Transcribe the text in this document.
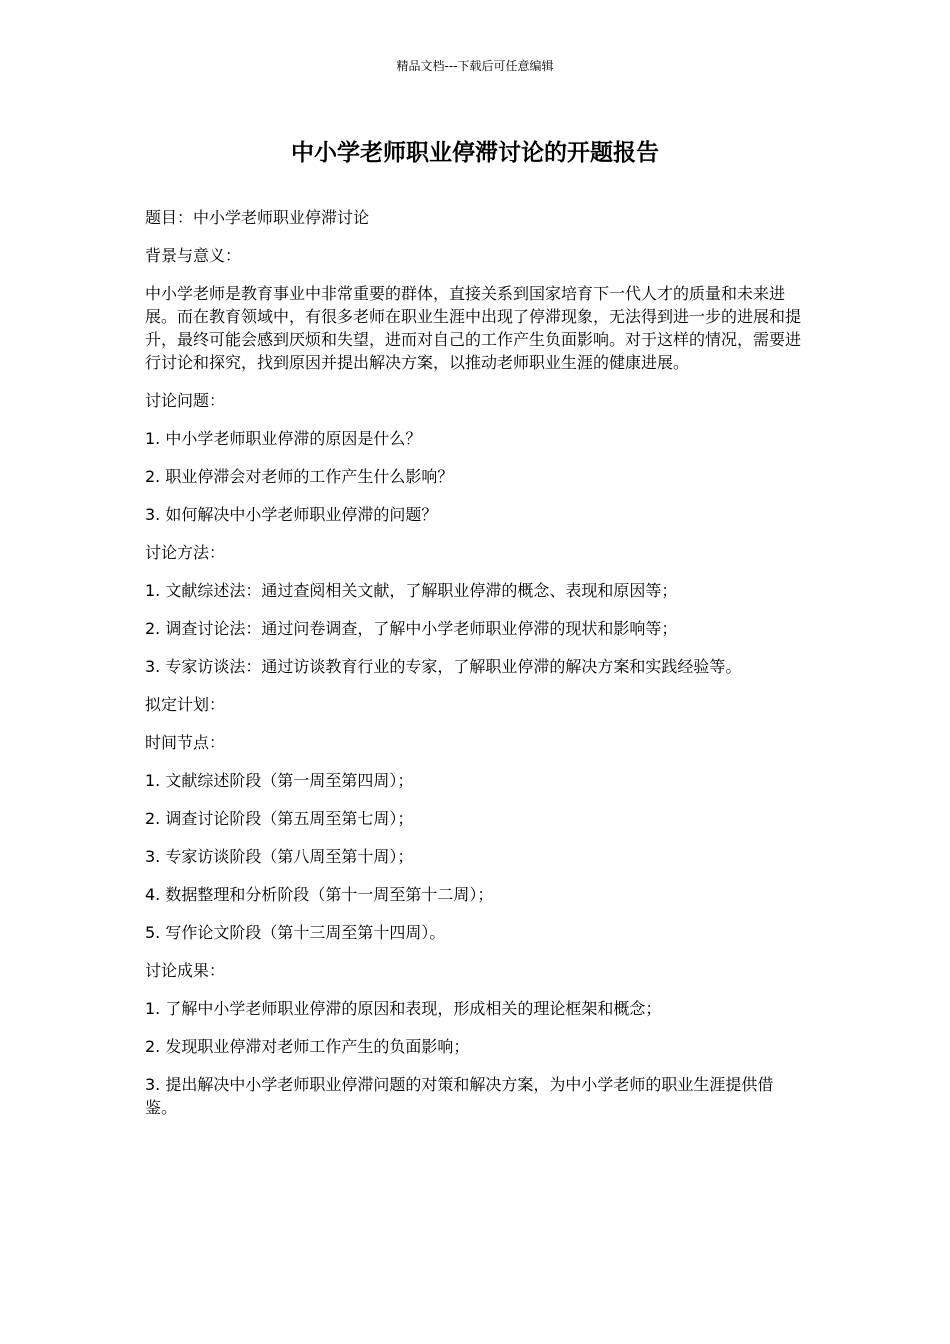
精品文档---下载后可任意编辑
中小学老师职业停滞讨论的开题报告

题目：中小学老师职业停滞讨论

背景与意义：

中小学老师是教育事业中非常重要的群体，直接关系到国家培育下一代人才的质量和未来进展。而在教育领域中，有很多老师在职业生涯中出现了停滞现象，无法得到进一步的进展和提升，最终可能会感到厌烦和失望，进而对自己的工作产生负面影响。对于这样的情况，需要进行讨论和探究，找到原因并提出解决方案，以推动老师职业生涯的健康进展。

讨论问题：

1. 中小学老师职业停滞的原因是什么？

2. 职业停滞会对老师的工作产生什么影响？

3. 如何解决中小学老师职业停滞的问题？

讨论方法：

1. 文献综述法：通过查阅相关文献，了解职业停滞的概念、表现和原因等；

2. 调查讨论法：通过问卷调查，了解中小学老师职业停滞的现状和影响等；

3. 专家访谈法：通过访谈教育行业的专家，了解职业停滞的解决方案和实践经验等。

拟定计划：

时间节点：

1. 文献综述阶段（第一周至第四周）；

2. 调查讨论阶段（第五周至第七周）；

3. 专家访谈阶段（第八周至第十周）；

4. 数据整理和分析阶段（第十一周至第十二周）；

5. 写作论文阶段（第十三周至第十四周）。

讨论成果：

1. 了解中小学老师职业停滞的原因和表现，形成相关的理论框架和概念；

2. 发现职业停滞对老师工作产生的负面影响；

3. 提出解决中小学老师职业停滞问题的对策和解决方案，为中小学老师的职业生涯提供借鉴。
